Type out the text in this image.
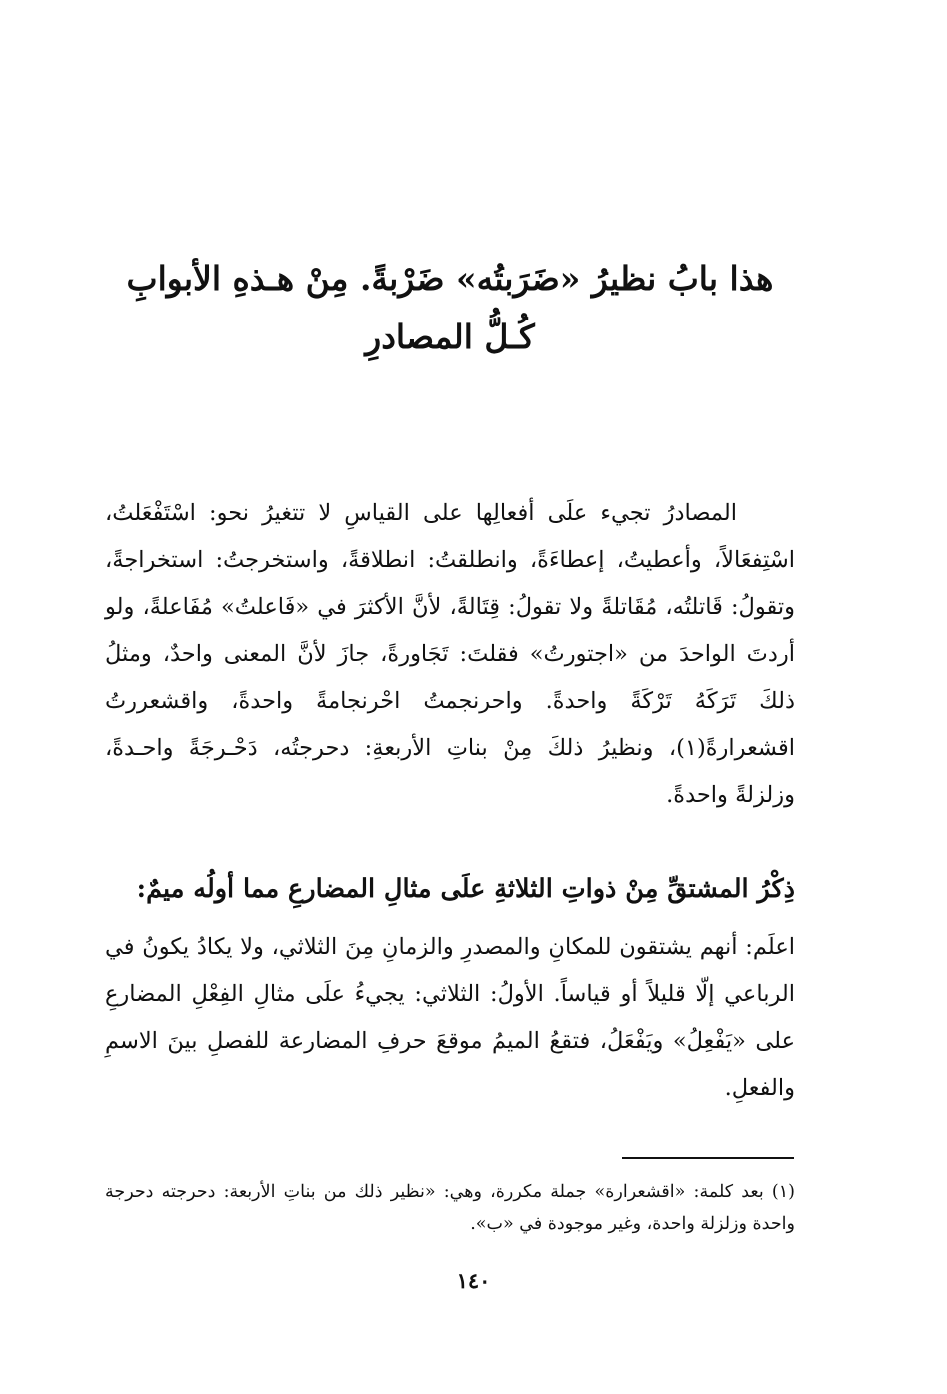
هذا بابُ نظيرُ «ضَرَبتُه» ضَرْبةً. مِنْ هـذهِ الأبوابِ كُـلُّ المصادرِ

المصادرُ تجيء علَى أفعالِها على القياسِ لا تتغيرُ نحو: اسْتَفْعَلتُ، اسْتِفعَالاً، وأعطيتُ، إعطاءَةً، وانطلقتُ: انطلاقةً، واستخرجتُ: استخراجةً، وتقولُ: قَاتلتُه، مُقَاتلةً ولا تقولُ: قِتَالةً، لأنَّ الأكثرَ في «فَاعلتُ» مُفَاعلةً، ولو أردتَ الواحدَ من «اجتورتُ» فقلتَ: تَجَاورةً، جازَ لأنَّ المعنى واحدٌ، ومثلُ ذلكَ تَرَكَهُ تَرْكَةً واحدةً. واحرنجمتُ احْرنجامةً واحدةً، واقشعررتُ اقشعرارةً(١)، ونظيرُ ذلكَ مِنْ بناتِ الأربعةِ: دحرجتُه، دَحْـرجَةً واحـدةً، وزلزلةً واحدةً.

ذِكْرُ المشتقِّ مِنْ ذواتِ الثلاثةِ علَى مثالِ المضارعِ مما أولُه ميمٌ:

اعلَم: أنهم يشتقون للمكانِ والمصدرِ والزمانِ مِنَ الثلاثي، ولا يكادُ يكونُ في الرباعي إلّا قليلاً أو قياساً. الأولُ: الثلاثي: يجيءُ علَى مثالِ الفِعْلِ المضارعِ على «يَفْعِلُ» ويَفْعَلُ، فتقعُ الميمُ موقعَ حرفِ المضارعة للفصلِ بينَ الاسمِ والفعلِ.

(١) بعد كلمة: «اقشعرارة» جملة مكررة، وهي: «نظير ذلك من بناتِ الأربعة: دحرجته دحرجة واحدة وزلزلة واحدة، وغير موجودة في «ب».

١٤٠
